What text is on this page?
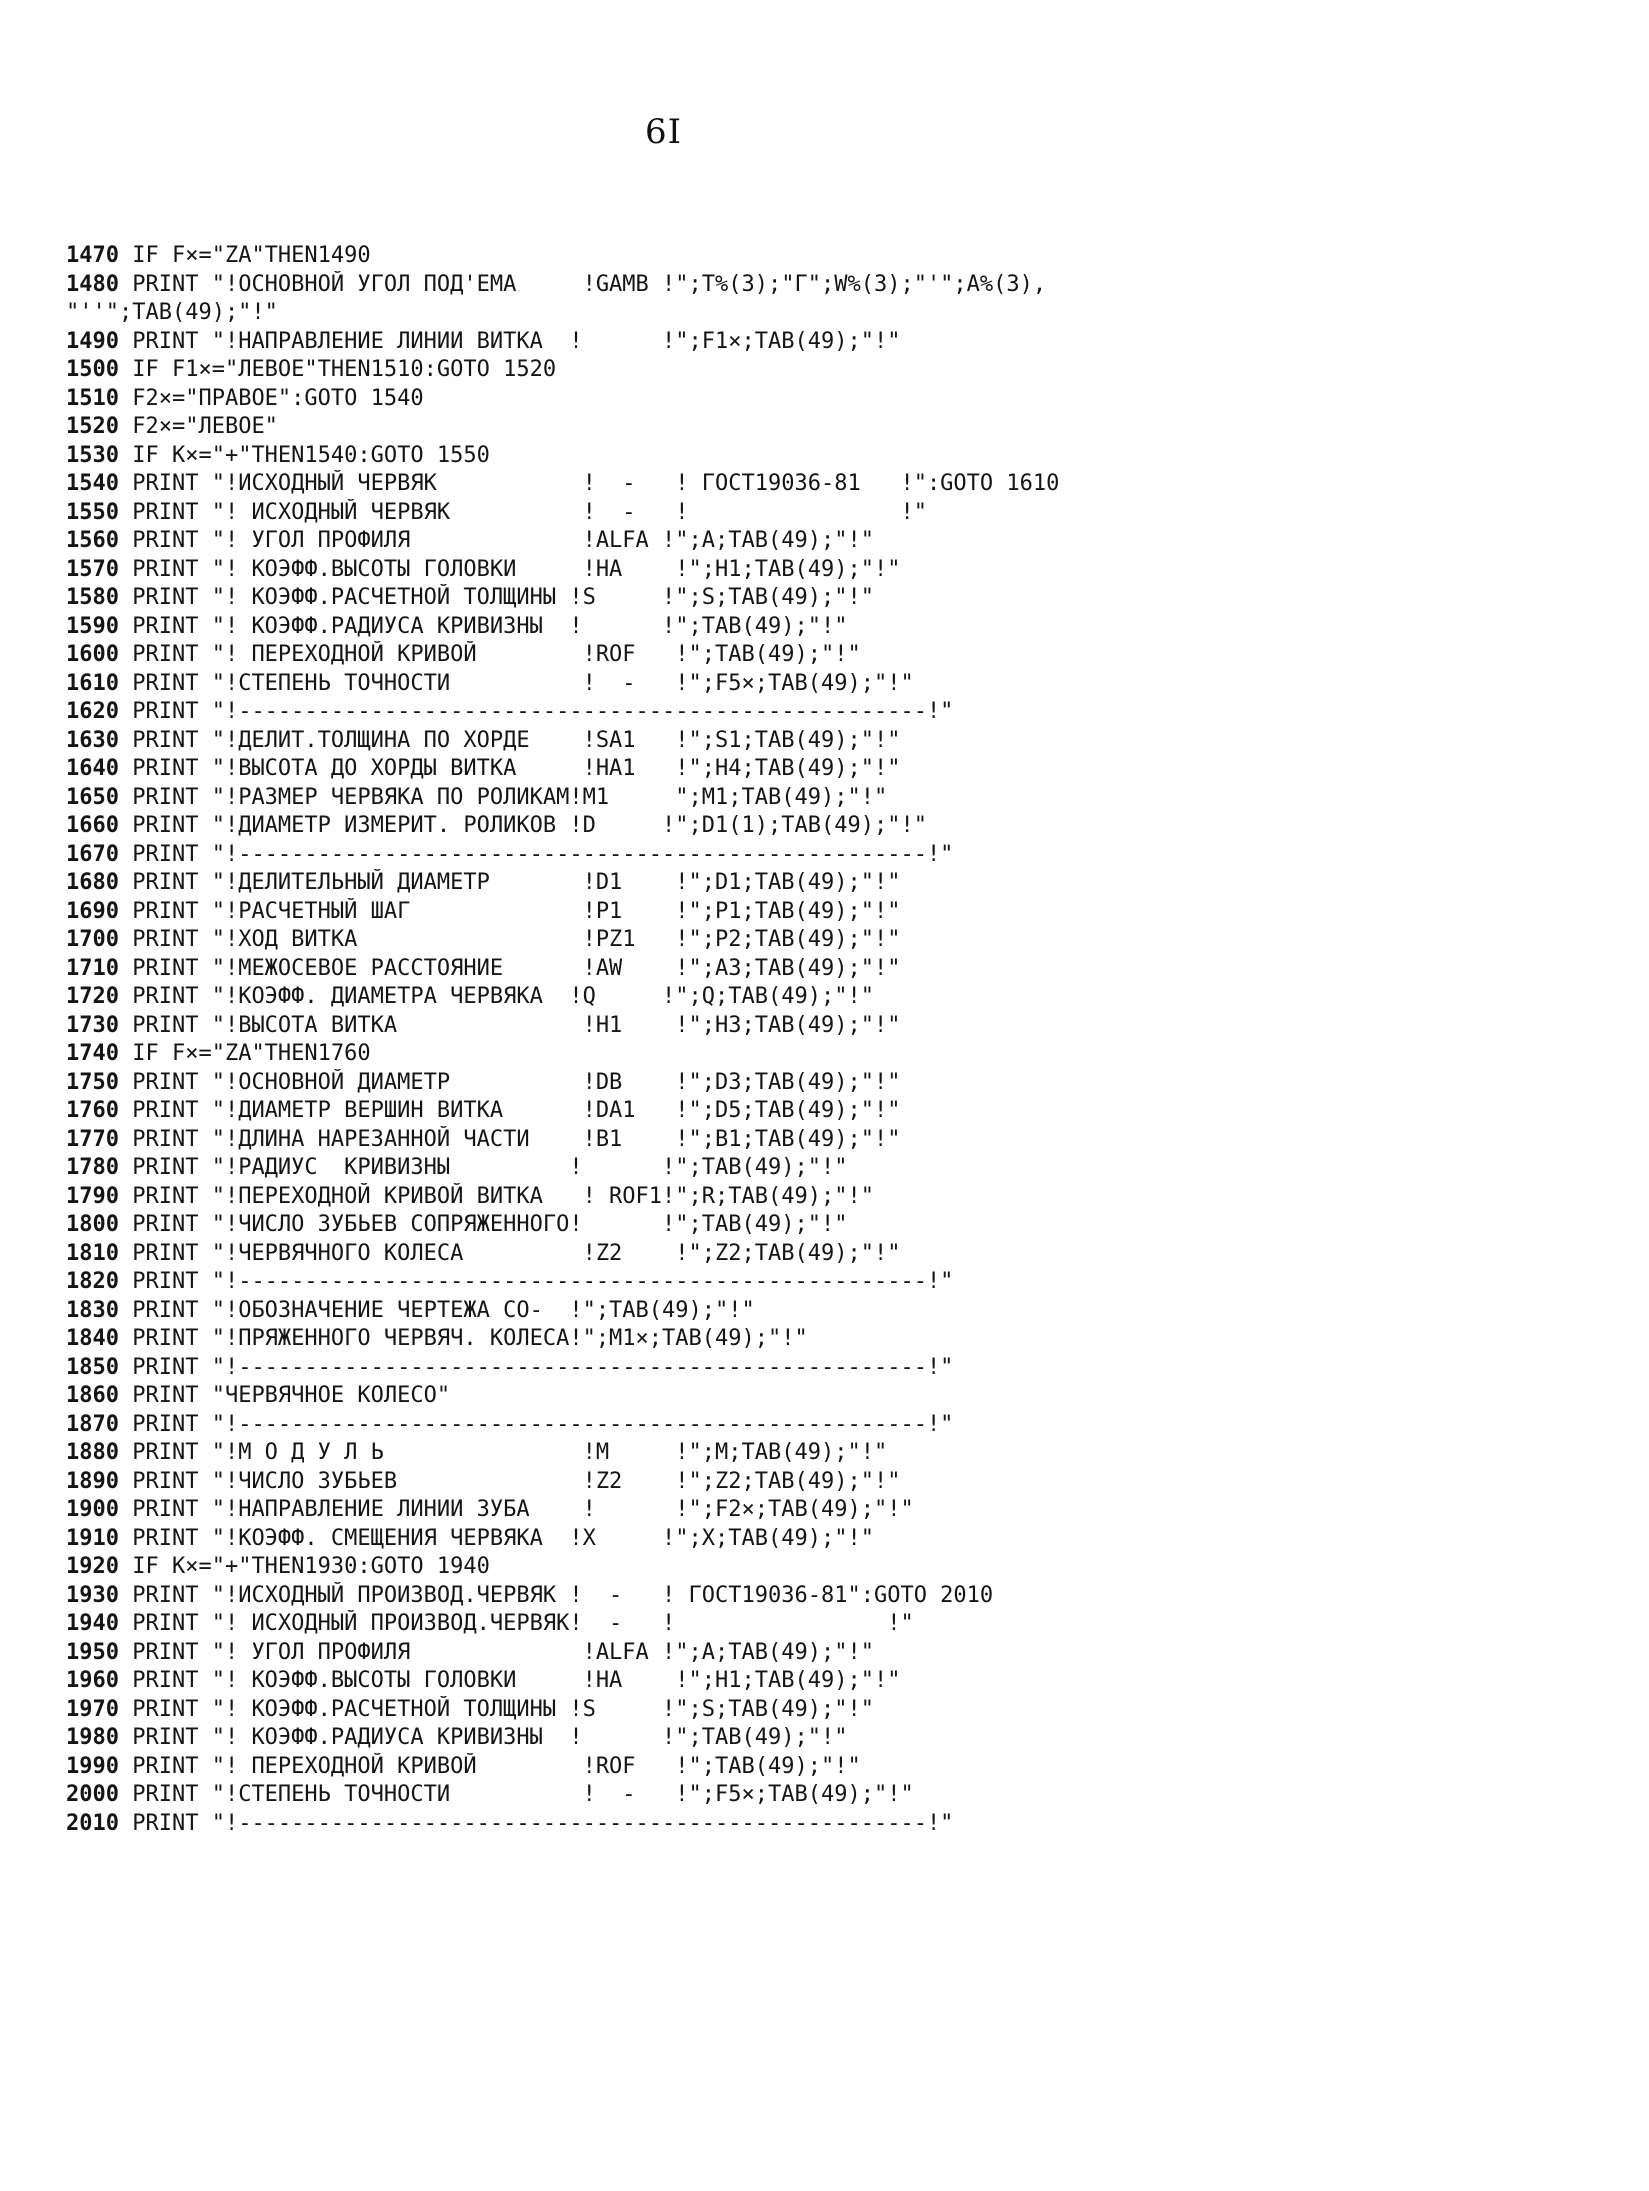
6I
1470 IF F×="ZA"THEN1490
1480 PRINT "!ОСНОВНОЙ УГОЛ ПОД'ЕМА     !GAMB !";T%(3);"Г";W%(3);"'";A%(3),
"''";TAB(49);"!"
1490 PRINT "!НАПРАВЛЕНИЕ ЛИНИИ ВИТКА  !      !";F1×;TAB(49);"!"
1500 IF F1×="ЛЕВОЕ"THEN1510:GOTO 1520
1510 F2×="ПРАВОЕ":GOTO 1540
1520 F2×="ЛЕВОЕ"
1530 IF K×="+"THEN1540:GOTO 1550
1540 PRINT "!ИСХОДНЫЙ ЧЕРВЯК           !  -   ! ГОСТ19036-81   !":GOTO 1610
1550 PRINT "! ИСХОДНЫЙ ЧЕРВЯК          !  -   !                !"
1560 PRINT "! УГОЛ ПРОФИЛЯ             !ALFA !";A;TAB(49);"!"
1570 PRINT "! КОЭФФ.ВЫСОТЫ ГОЛОВКИ     !HA    !";H1;TAB(49);"!"
1580 PRINT "! КОЭФФ.РАСЧЕТНОЙ ТОЛЩИНЫ !S     !";S;TAB(49);"!"
1590 PRINT "! КОЭФФ.РАДИУСА КРИВИЗНЫ  !      !";TAB(49);"!"
1600 PRINT "! ПЕРЕХОДНОЙ КРИВОЙ        !ROF   !";TAB(49);"!"
1610 PRINT "!СТЕПЕНЬ ТОЧНОСТИ          !  -   !";F5×;TAB(49);"!"
1620 PRINT "!----------------------------------------------------!"
1630 PRINT "!ДЕЛИТ.ТОЛЩИНА ПО ХОРДЕ    !SA1   !";S1;TAB(49);"!"
1640 PRINT "!ВЫСОТА ДО ХОРДЫ ВИТКА     !HA1   !";H4;TAB(49);"!"
1650 PRINT "!РАЗМЕР ЧЕРВЯКА ПО РОЛИКАМ!M1     ";M1;TAB(49);"!"
1660 PRINT "!ДИАМЕТР ИЗМЕРИТ. РОЛИКОВ !D     !";D1(1);TAB(49);"!"
1670 PRINT "!----------------------------------------------------!"
1680 PRINT "!ДЕЛИТЕЛЬНЫЙ ДИАМЕТР       !D1    !";D1;TAB(49);"!"
1690 PRINT "!РАСЧЕТНЫЙ ШАГ             !P1    !";P1;TAB(49);"!"
1700 PRINT "!ХОД ВИТКА                 !PZ1   !";P2;TAB(49);"!"
1710 PRINT "!МЕЖОСЕВОЕ РАССТОЯНИЕ      !AW    !";A3;TAB(49);"!"
1720 PRINT "!КОЭФФ. ДИАМЕТРА ЧЕРВЯКА  !Q     !";Q;TAB(49);"!"
1730 PRINT "!ВЫСОТА ВИТКА              !H1    !";H3;TAB(49);"!"
1740 IF F×="ZA"THEN1760
1750 PRINT "!ОСНОВНОЙ ДИАМЕТР          !DB    !";D3;TAB(49);"!"
1760 PRINT "!ДИАМЕТР ВЕРШИН ВИТКА      !DA1   !";D5;TAB(49);"!"
1770 PRINT "!ДЛИНА НАРЕЗАННОЙ ЧАСТИ    !B1    !";B1;TAB(49);"!"
1780 PRINT "!РАДИУС  КРИВИЗНЫ         !      !";TAB(49);"!"
1790 PRINT "!ПЕРЕХОДНОЙ КРИВОЙ ВИТКА   ! ROF1!";R;TAB(49);"!"
1800 PRINT "!ЧИСЛО ЗУБЬЕВ СОПРЯЖЕННОГО!      !";TAB(49);"!"
1810 PRINT "!ЧЕРВЯЧНОГО КОЛЕСА         !Z2    !";Z2;TAB(49);"!"
1820 PRINT "!----------------------------------------------------!"
1830 PRINT "!ОБОЗНАЧЕНИЕ ЧЕРТЕЖА СО-  !";TAB(49);"!"
1840 PRINT "!ПРЯЖЕННОГО ЧЕРВЯЧ. КОЛЕСА!";M1×;TAB(49);"!"
1850 PRINT "!----------------------------------------------------!"
1860 PRINT "ЧЕРВЯЧНОЕ КОЛЕСО"
1870 PRINT "!----------------------------------------------------!"
1880 PRINT "!М О Д У Л Ь               !M     !";M;TAB(49);"!"
1890 PRINT "!ЧИСЛО ЗУБЬЕВ              !Z2    !";Z2;TAB(49);"!"
1900 PRINT "!НАПРАВЛЕНИЕ ЛИНИИ ЗУБА    !      !";F2×;TAB(49);"!"
1910 PRINT "!КОЭФФ. СМЕЩЕНИЯ ЧЕРВЯКА  !X     !";X;TAB(49);"!"
1920 IF K×="+"THEN1930:GOTO 1940
1930 PRINT "!ИСХОДНЫЙ ПРОИЗВОД.ЧЕРВЯК !  -   ! ГОСТ19036-81":GOTO 2010
1940 PRINT "! ИСХОДНЫЙ ПРОИЗВОД.ЧЕРВЯК!  -   !                !"
1950 PRINT "! УГОЛ ПРОФИЛЯ             !ALFA !";A;TAB(49);"!"
1960 PRINT "! КОЭФФ.ВЫСОТЫ ГОЛОВКИ     !HA    !";H1;TAB(49);"!"
1970 PRINT "! КОЭФФ.РАСЧЕТНОЙ ТОЛЩИНЫ !S     !";S;TAB(49);"!"
1980 PRINT "! КОЭФФ.РАДИУСА КРИВИЗНЫ  !      !";TAB(49);"!"
1990 PRINT "! ПЕРЕХОДНОЙ КРИВОЙ        !ROF   !";TAB(49);"!"
2000 PRINT "!СТЕПЕНЬ ТОЧНОСТИ          !  -   !";F5×;TAB(49);"!"
2010 PRINT "!----------------------------------------------------!"
